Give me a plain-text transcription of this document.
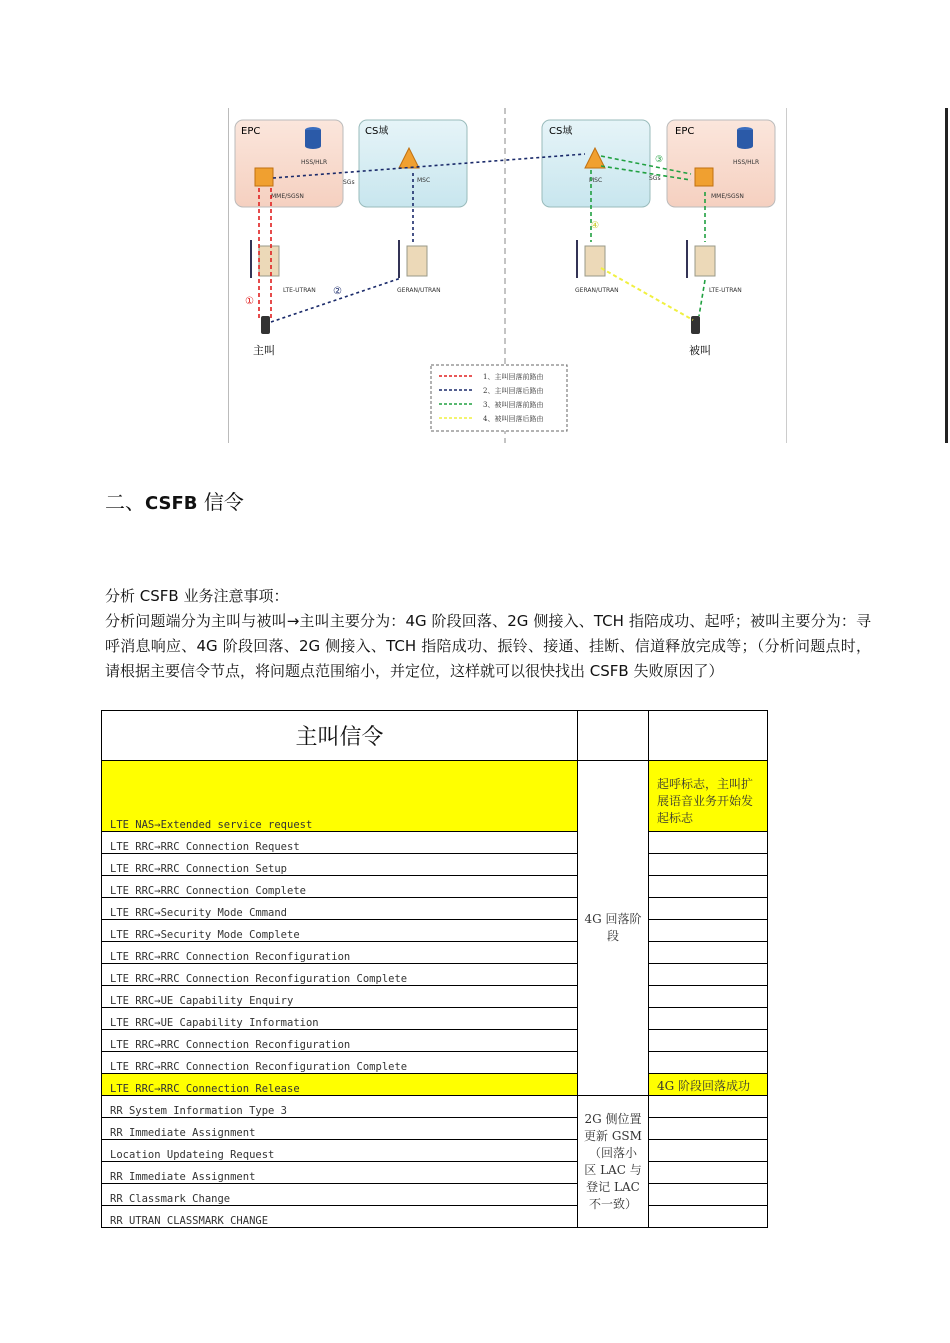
EPC	CS域	CS域	EPC
HSS/HLR	HSS/HLR
MME/SGSN	MME/SGSN
MSC	MSC
SGs
SGs
LTE-UTRAN	GERAN/UTRAN	GERAN/UTRAN	LTE-UTRAN
主叫	被叫
①
②
③
④
1、主叫回落前路由
2、主叫回落后路由
3、被叫回落前路由
4、被叫回落后路由
二、CSFB 信令
分析 CSFB 业务注意事项：
分析问题端分为主叫与被叫→主叫主要分为：4G 阶段回落、2G 侧接入、TCH 指陪成功、起呼；被叫主要分为：寻呼消息响应、4G 阶段回落、2G 侧接入、TCH 指陪成功、振铃、接通、挂断、信道释放完成等；（分析问题点时，请根据主要信令节点，将问题点范围缩小，并定位，这样就可以很快找出 CSFB 失败原因了）
主叫信令		
LTE NAS→Extended service request	4G 回落阶段	起呼标志，主叫扩展语音业务开始发起标志
LTE RRC→RRC Connection Request		
LTE RRC→RRC Connection Setup		
LTE RRC→RRC Connection Complete		
LTE RRC→Security Mode Cmmand		
LTE RRC→Security Mode Complete		
LTE RRC→RRC Connection Reconfiguration		
LTE RRC→RRC Connection Reconfiguration Complete		
LTE RRC→UE Capability Enquiry		
LTE RRC→UE Capability Information		
LTE RRC→RRC Connection Reconfiguration		
LTE RRC→RRC Connection Reconfiguration Complete		
LTE RRC→RRC Connection Release		4G 阶段回落成功
RR System Information Type 3	2G 侧位置更新 GSM（回落小区 LAC 与登记 LAC 不一致）	
RR Immediate Assignment		
Location Updateing Request		
RR Immediate Assignment		
RR Classmark Change		
RR UTRAN CLASSMARK CHANGE		
